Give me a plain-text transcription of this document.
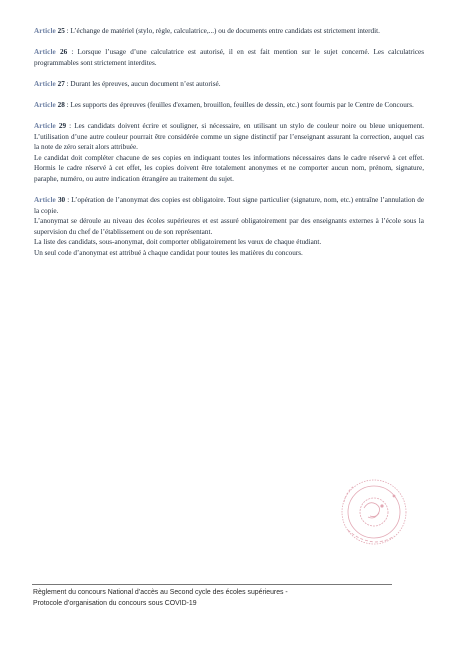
Article 25 : L’échange de matériel (stylo, règle, calculatrice,...) ou de documents entre candidats est strictement interdit.

Article 26 : Lorsque l’usage d’une calculatrice est autorisé, il en est fait mention sur le sujet concerné. Les calculatrices programmables sont strictement interdites.

Article 27 : Durant les épreuves, aucun document n’est autorisé.

Article 28 : Les supports des épreuves (feuilles d'examen, brouillon, feuilles de dessin, etc.) sont fournis par le Centre de Concours.

Article 29 : Les candidats doivent écrire et souligner, si nécessaire, en utilisant un stylo de couleur noire ou bleue uniquement. L’utilisation d’une autre couleur pourrait être considérée comme un signe distinctif par l’enseignant assurant la correction, auquel cas la note de zéro serait alors attribuée.

Le candidat doit compléter chacune de ses copies en indiquant toutes les informations nécessaires dans le cadre réservé à cet effet. Hormis le cadre réservé à cet effet, les copies doivent être totalement anonymes et ne comporter aucun nom, prénom, signature, paraphe, numéro, ou autre indication étrangère au traitement du sujet.

Article 30 : L’opération de l’anonymat des copies est obligatoire. Tout signe particulier (signature, nom, etc.) entraîne l’annulation de la copie.

L’anonymat se déroule au niveau des écoles supérieures et est assuré obligatoirement par des enseignants externes à l’école sous la supervision du chef de l’établissement ou de son représentant.

La liste des candidats, sous-anonymat, doit comporter obligatoirement les vœux de chaque étudiant.

Un seul code d’anonymat est attribué à chaque candidat pour toutes les matières du concours.

Règlement du concours National d’accès au Second cycle des écoles supérieures -

Protocole d’organisation du concours sous COVID-19
